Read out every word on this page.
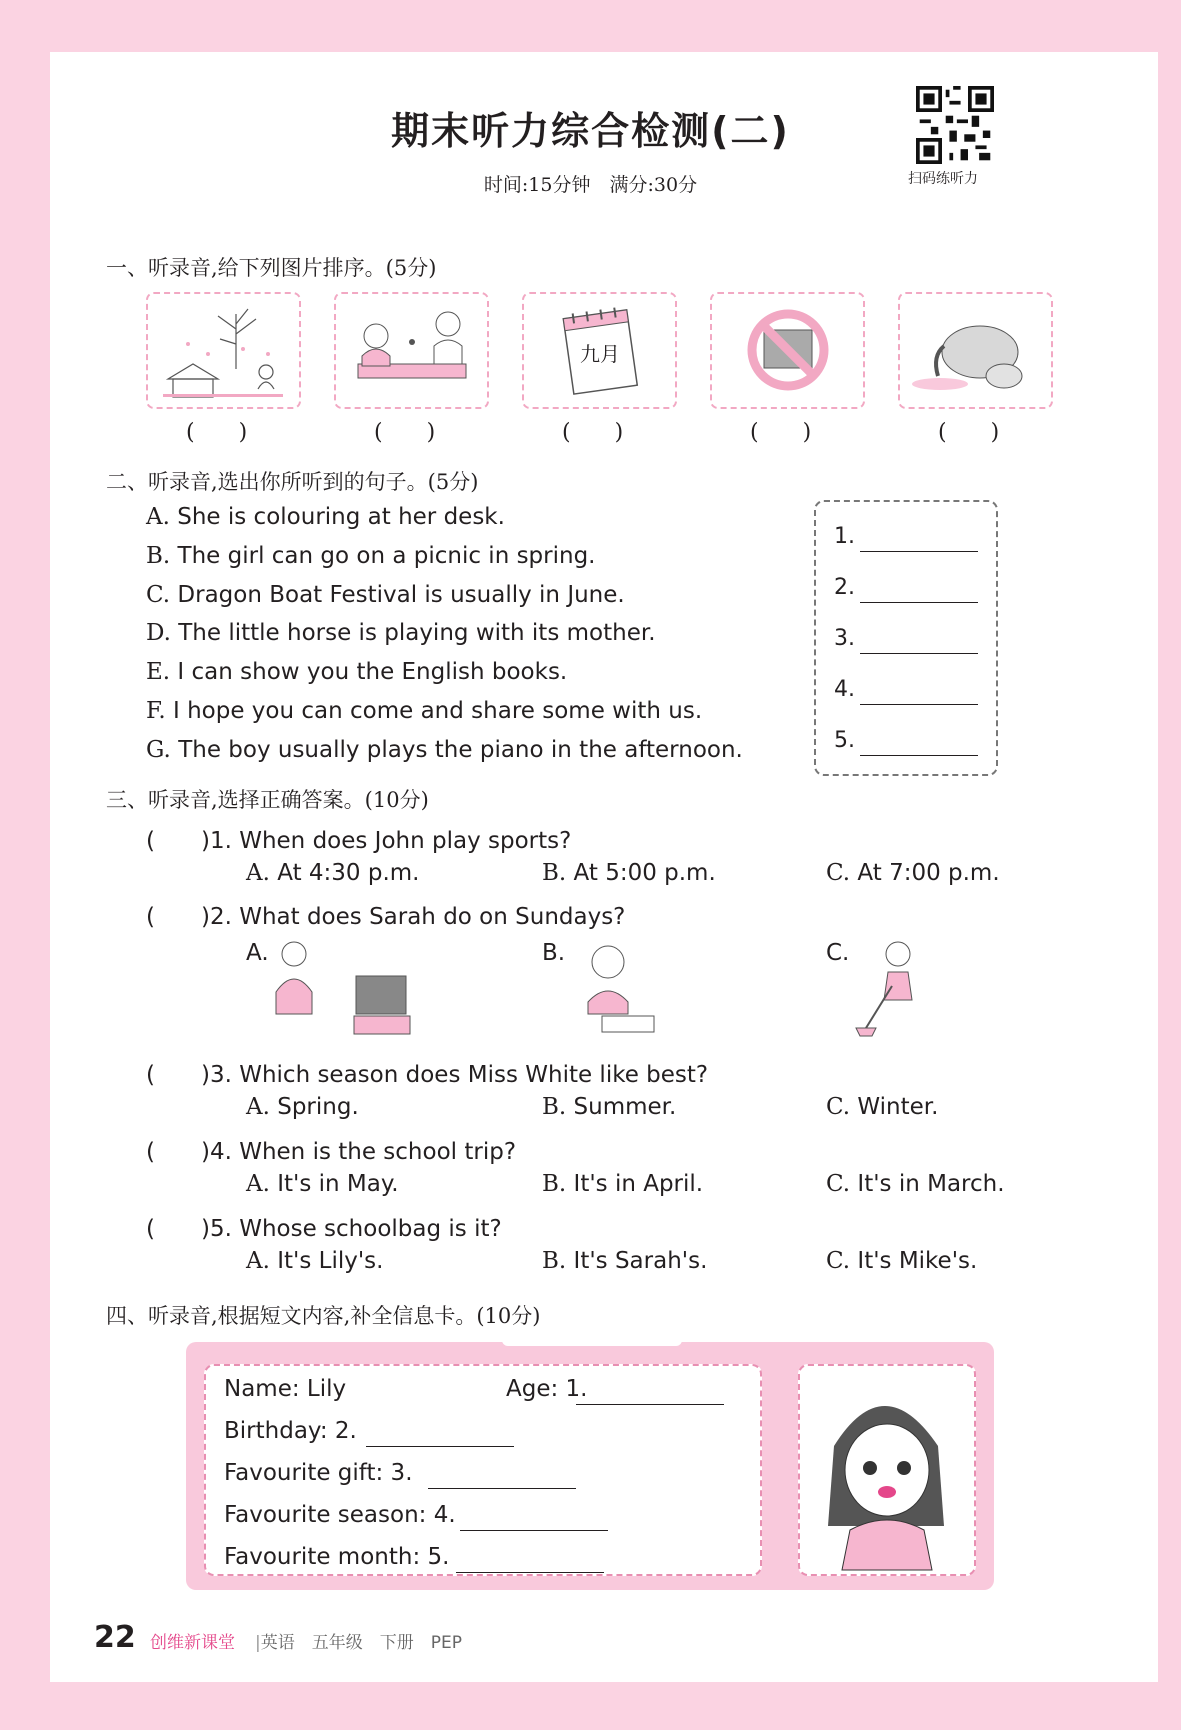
期末听力综合检测(二)
时间:15分钟　满分:30分	扫码练听力
一、听录音,给下列图片排序。(5分)
九月
(　　)	(　　)	(　　)	(　　)	(　　)
二、听录音,选出你所听到的句子。(5分)
A. She is colouring at her desk.
B. The girl can go on a picnic in spring.
C. Dragon Boat Festival is usually in June.
D. The little horse is playing with its mother.
E. I can show you the English books.
F. I hope you can come and share some with us.
G. The boy usually plays the piano in the afternoon.
1.
2.
3.
4.
5.
三、听录音,选择正确答案。(10分)
(　　)1. When does John play sports?
A. At 4:30 p.m.	B. At 5:00 p.m.	C. At 7:00 p.m.
(　　)2. What does Sarah do on Sundays?
A.	B.	C.
(　　)3. Which season does Miss White like best?
A. Spring.	B. Summer.	C. Winter.
(　　)4. When is the school trip?
A. It's in May.	B. It's in April.	C. It's in March.
(　　)5. Whose schoolbag is it?
A. It's Lily's.	B. It's Sarah's.	C. It's Mike's.
四、听录音,根据短文内容,补全信息卡。(10分)
Name: Lily	Age: 1.
Birthday: 2.
Favourite gift: 3.
Favourite season: 4.
Favourite month: 5.
22 创维新课堂 |英语　五年级　下册　PEP
